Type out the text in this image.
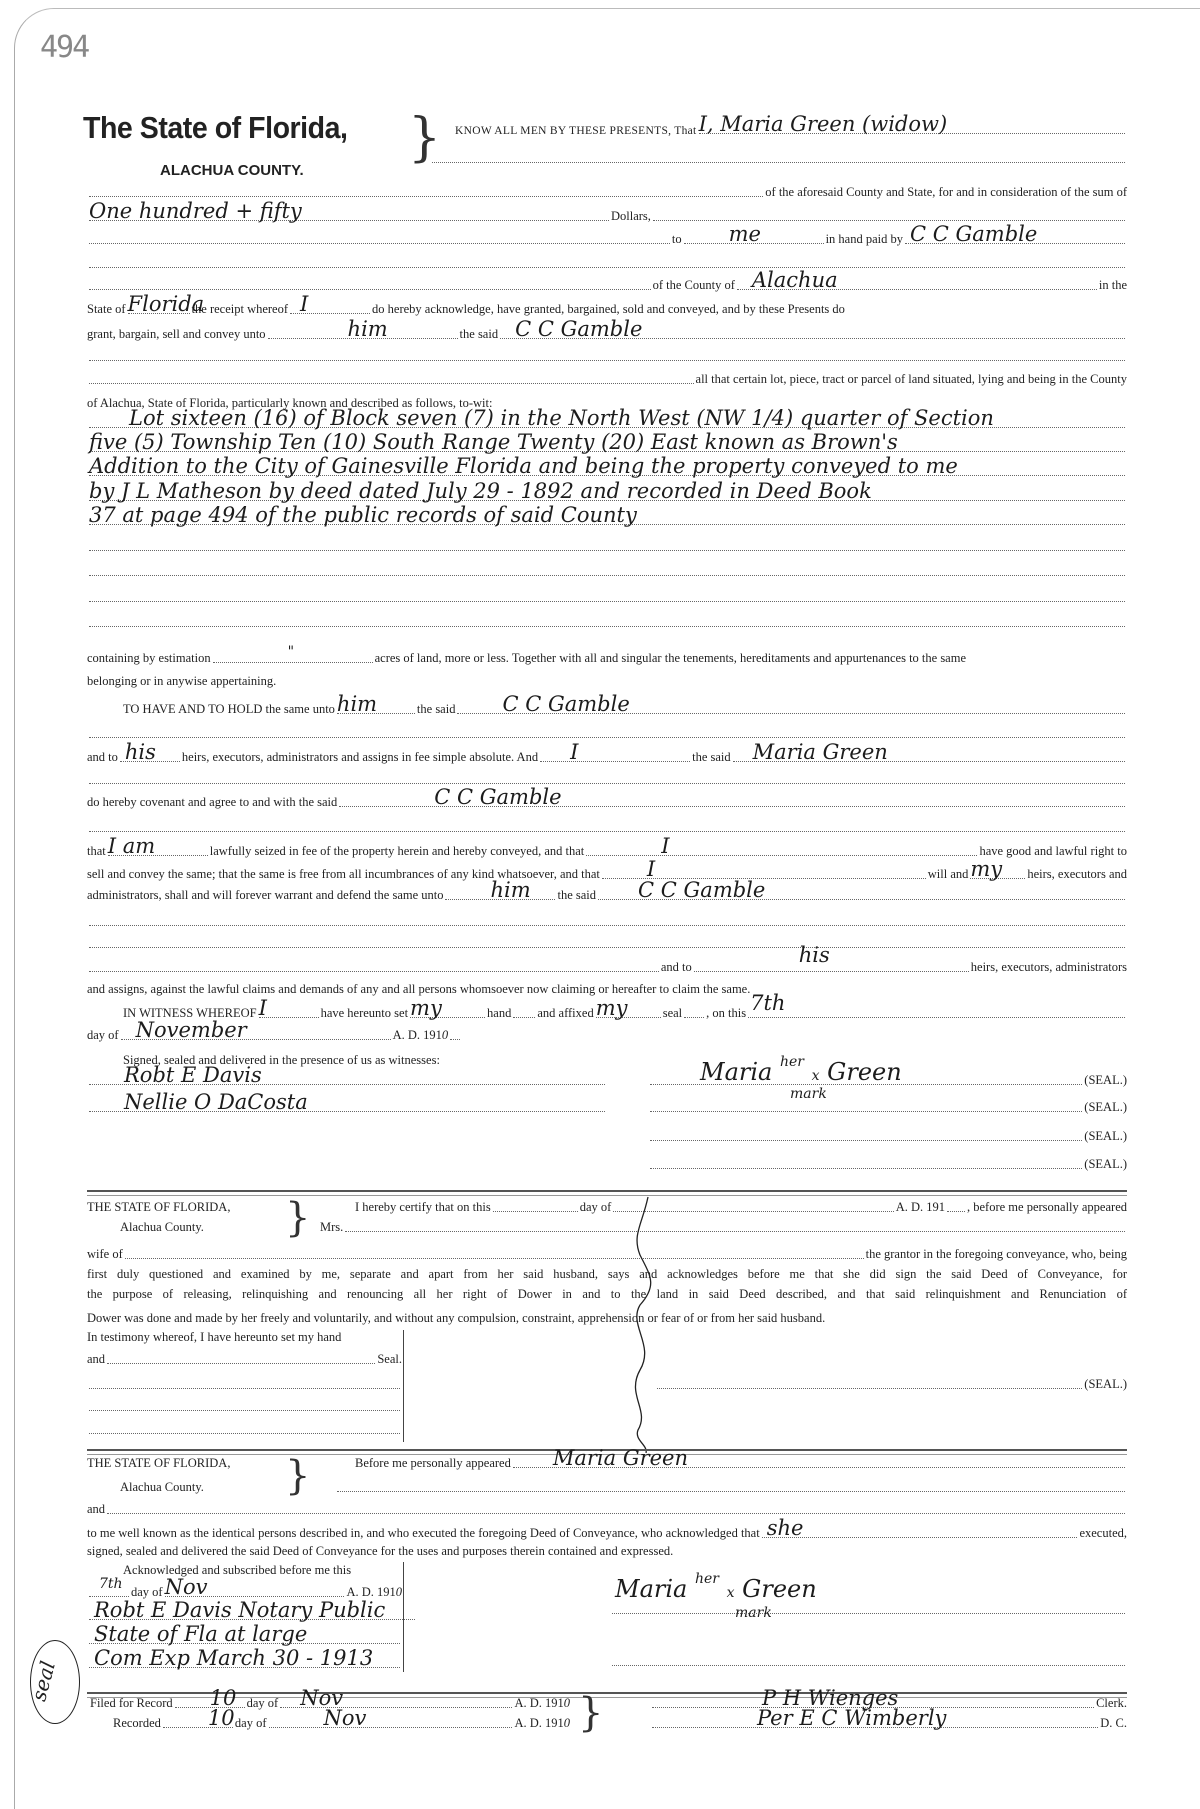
494
The State of Florida,
ALACHUA COUNTY.
} KNOW ALL MEN BY THESE PRESENTS, That I, Maria Green (widow)
of the aforesaid County and State, for and in consideration of the sum of
One hundred + fifty	Dollars,
to me	in hand paid by C C Gamble
of the County of Alachua	in the
State of Florida
the receipt whereof I	do hereby acknowledge, have granted, bargained, sold and conveyed, and by these Presents do
grant, bargain, sell and convey unto	him	the said C C Gamble
all that certain lot, piece, tract or parcel of land situated, lying and being in the County
of Alachua, State of Florida, particularly known and described as follows, to-wit:
Lot sixteen (16) of Block seven (7) in the North West (NW 1/4) quarter of Section
five (5) Township Ten (10) South Range Twenty (20) East known as Brown's
Addition to the City of Gainesville Florida and being the property conveyed to me
by J L Matheson by deed dated July 29 - 1892 and recorded in Deed Book
37 at page 494 of the public records of said County
containing by estimation	"	acres of land, more or less. Together with all and singular the tenements, hereditaments and appurtenances to the same
belonging or in anywise appertaining.
TO HAVE AND TO HOLD the same unto him	the said C C Gamble
and to his heirs, executors, administrators and assigns in fee simple absolute. And I	the said Maria Green
do hereby covenant and agree to and with the said	C C Gamble
that I am	lawfully seized in fee of the property herein and hereby conveyed, and that	I	have good and lawful right to
sell and convey the same; that the same is free from all incumbrances of any kind whatsoever, and that I	will and my heirs, executors and
administrators, shall and will forever warrant and defend the same unto him the said C C Gamble
and to	his	heirs, executors, administrators
and assigns, against the lawful claims and demands of any and all persons whomsoever now claiming or hereafter to claim the same.
IN WITNESS WHEREOF I	have hereunto set my	hand and affixed my	seal , on this 7th
day of November	A. D. 191 0
Signed, sealed and delivered in the presence of us as witnesses:
Robt E Davis
Nellie O DaCosta
(SEAL.)
(SEAL.)
(SEAL.)
(SEAL.)
Maria $^{her}$ x Green
mark
THE STATE OF FLORIDA,
Alachua County. }	I hereby certify that on this	day of	A. D. 191 , before me personally appeared
Mrs.
wife of	the grantor in the foregoing conveyance, who, being
first duly questioned and examined by me, separate and apart from her said husband, says and acknowledges before me that she did sign the said Deed of Conveyance, for
the purpose of releasing, relinquishing and renouncing all her right of Dower in and to the land in said Deed described, and that said relinquishment and Renunciation of
Dower was done and made by her freely and voluntarily, and without any compulsion, constraint, apprehension or fear of or from her said husband.
In testimony whereof, I have hereunto set my hand
and	Seal.
(SEAL.)
THE STATE OF FLORIDA,
Alachua County. }	Before me personally appeared Maria Green
and
to me well known as the identical persons described in, and who executed the foregoing Deed of Conveyance, who acknowledged that she	executed,
signed, sealed and delivered the said Deed of Conveyance for the uses and purposes therein contained and expressed.
Acknowledged and subscribed before me this
7th day of Nov	A. D. 191 0
Robt E Davis Notary Public
State of Fla at large
Com Exp March 30 - 1913
seal
Maria $^{her}$ x Green
mark
Filed for Record 10 day of Nov	A. D. 191 0
Recorded 10 day of	Nov	A. D. 191 0 }	P H Wienges	Clerk.
Per E C Wimberly	D. C.
